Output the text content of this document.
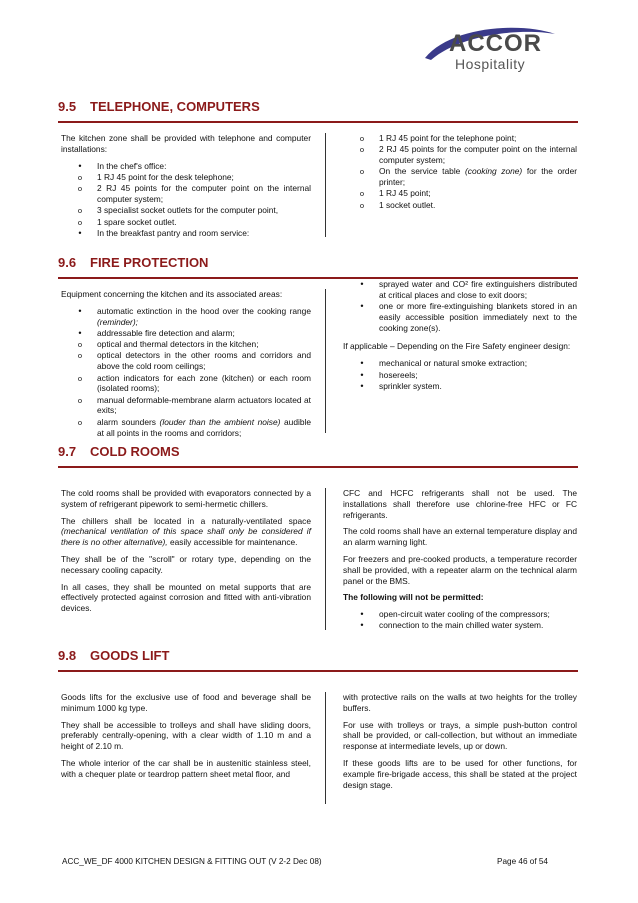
ACCOR
Hospitality
9.5 TELEPHONE, COMPUTERS

The kitchen zone shall be provided with telephone and computer installations:

•
In the chef's office:
o
1 RJ 45 point for the desk telephone;
o
2 RJ 45 points for the computer point on the internal computer system;
o
3 specialist socket outlets for the computer point,
o
1 spare socket outlet.
•
In the breakfast pantry and room service:
o
1 RJ 45 point for the telephone point;
o
2 RJ 45 points for the computer point on the internal computer system;
o
On the service table (cooking zone) for the order printer;
o
1 RJ 45 point;
o
1 socket outlet.
9.6 FIRE PROTECTION

Equipment concerning the kitchen and its associated areas:

•
automatic extinction in the hood over the cooking range (reminder);
•
addressable fire detection and alarm;
o
optical and thermal detectors in the kitchen;
o
optical detectors in the other rooms and corridors and above the cold room ceilings;
o
action indicators for each zone (kitchen) or each room (isolated rooms);
o
manual deformable-membrane alarm actuators located at exits;
o
alarm sounders (louder than the ambient noise) audible at all points in the rooms and corridors;
•
sprayed water and CO² fire extinguishers distributed at critical places and close to exit doors;
•
one or more fire-extinguishing blankets stored in an easily accessible position immediately next to the cooking zone(s).

If applicable – Depending on the Fire Safety engineer design:

•
mechanical or natural smoke extraction;
•
hosereels;
•
sprinkler system.
9.7 COLD ROOMS

The cold rooms shall be provided with evaporators connected by a system of refrigerant pipework to semi-hermetic chillers.

The chillers shall be located in a naturally-ventilated space (mechanical ventilation of this space shall only be considered if there is no other alternative), easily accessible for maintenance.

They shall be of the "scroll" or rotary type, depending on the necessary cooling capacity.

In all cases, they shall be mounted on metal supports that are effectively protected against corrosion and fitted with anti-vibration devices.

CFC and HCFC refrigerants shall not be used. The installations shall therefore use chlorine-free HFC or FC refrigerants.

The cold rooms shall have an external temperature display and an alarm warning light.

For freezers and pre-cooked products, a temperature recorder shall be provided, with a repeater alarm on the technical alarm panel or the BMS.

The following will not be permitted:

•
open-circuit water cooling of the compressors;
•
connection to the main chilled water system.
9.8 GOODS LIFT

Goods lifts for the exclusive use of food and beverage shall be minimum 1000 kg type.

They shall be accessible to trolleys and shall have sliding doors, preferably centrally-opening, with a clear width of 1.10 m and a height of 2.10 m.

The whole interior of the car shall be in austenitic stainless steel, with a chequer plate or teardrop pattern sheet metal floor, and

with protective rails on the walls at two heights for the trolley buffers.

For use with trolleys or trays, a simple push-button control shall be provided, or call-collection, but without an immediate response at intermediate levels, up or down.

If these goods lifts are to be used for other functions, for example fire-brigade access, this shall be stated at the project design stage.

ACC_WE_DF 4000 KITCHEN DESIGN & FITTING OUT (V 2-2 Dec 08)	Page 46 of 54
